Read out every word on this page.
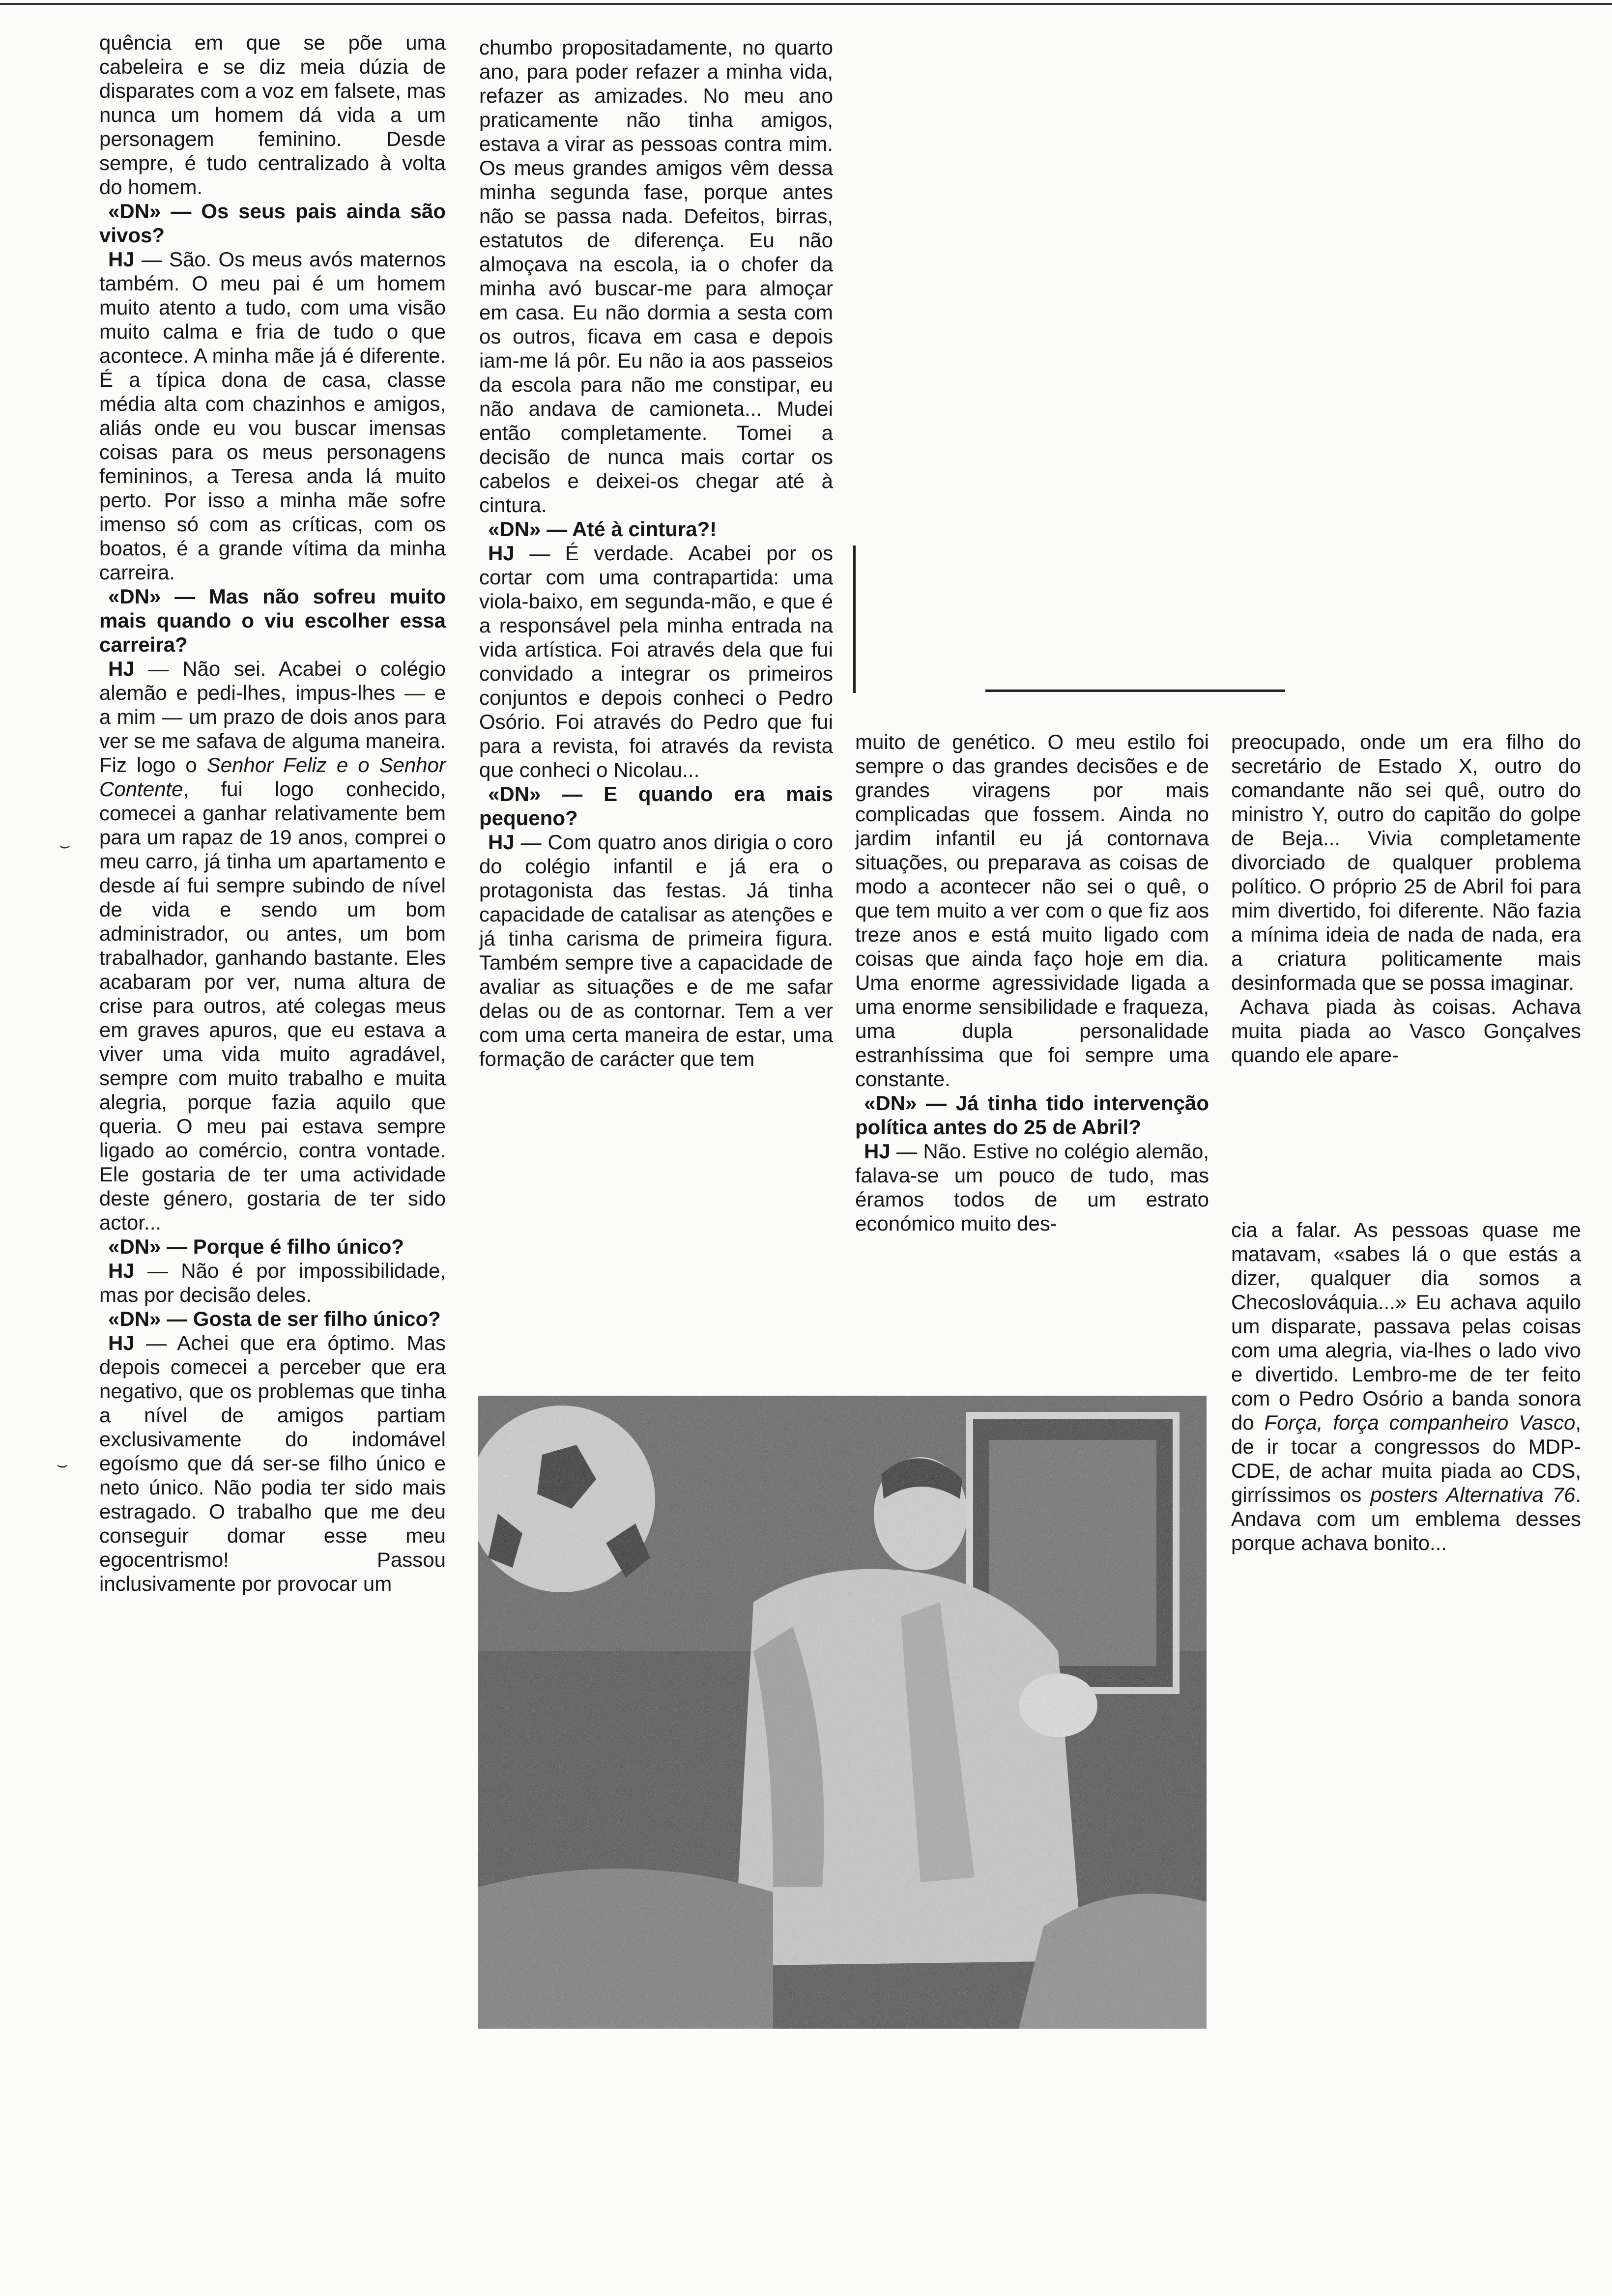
quência em que se põe uma cabeleira e se diz meia dúzia de disparates com a voz em falsete, mas nunca um homem dá vida a um personagem feminino. Desde sempre, é tudo centralizado à volta do homem.

«DN» — Os seus pais ainda são vivos?

HJ — São. Os meus avós maternos também. O meu pai é um homem muito atento a tudo, com uma visão muito calma e fria de tudo o que acontece. A minha mãe já é diferente. É a típica dona de casa, classe média alta com chazinhos e amigos, aliás onde eu vou buscar imensas coisas para os meus personagens femininos, a Teresa anda lá muito perto. Por isso a minha mãe sofre imenso só com as críticas, com os boatos, é a grande vítima da minha carreira.

«DN» — Mas não sofreu muito mais quando o viu escolher essa carreira?

HJ — Não sei. Acabei o colégio alemão e pedi-lhes, impus-lhes — e a mim — um prazo de dois anos para ver se me safava de alguma maneira. Fiz logo o Senhor Feliz e o Senhor Contente, fui logo conhecido, comecei a ganhar relativamente bem para um rapaz de 19 anos, comprei o meu carro, já tinha um apartamento e desde aí fui sempre subindo de nível de vida e sendo um bom administrador, ou antes, um bom trabalhador, ganhando bastante. Eles acabaram por ver, numa altura de crise para outros, até colegas meus em graves apuros, que eu estava a viver uma vida muito agradável, sempre com muito trabalho e muita alegria, porque fazia aquilo que queria. O meu pai estava sempre ligado ao comércio, contra vontade. Ele gostaria de ter uma actividade deste género, gostaria de ter sido actor...

«DN» — Porque é filho único?

HJ — Não é por impossibilidade, mas por decisão deles.

«DN» — Gosta de ser filho único?

HJ — Achei que era óptimo. Mas depois comecei a perceber que era negativo, que os problemas que tinha a nível de amigos partiam exclusivamente do indomável egoísmo que dá ser-se filho único e neto único. Não podia ter sido mais estragado. O trabalho que me deu conseguir domar esse meu egocentrismo! Passou inclusivamente por provocar um

chumbo propositadamente, no quarto ano, para poder refazer a minha vida, refazer as amizades. No meu ano praticamente não tinha amigos, estava a virar as pessoas contra mim. Os meus grandes amigos vêm dessa minha segunda fase, porque antes não se passa nada. Defeitos, birras, estatutos de diferença. Eu não almoçava na escola, ia o chofer da minha avó buscar-me para almoçar em casa. Eu não dormia a sesta com os outros, ficava em casa e depois iam-me lá pôr. Eu não ia aos passeios da escola para não me constipar, eu não andava de camioneta... Mudei então completamente. Tomei a decisão de nunca mais cortar os cabelos e deixei-os chegar até à cintura.

«DN» — Até à cintura?!

HJ — É verdade. Acabei por os cortar com uma contrapartida: uma viola-baixo, em segunda-mão, e que é a responsável pela minha entrada na vida artística. Foi através dela que fui convidado a integrar os primeiros conjuntos e depois conheci o Pedro Osório. Foi através do Pedro que fui para a revista, foi através da revista que conheci o Nicolau...

«DN» — E quando era mais pequeno?

HJ — Com quatro anos dirigia o coro do colégio infantil e já era o protagonista das festas. Já tinha capacidade de catalisar as atenções e já tinha carisma de primeira figura. Também sempre tive a capacidade de avaliar as situações e de me safar delas ou de as contornar. Tem a ver com uma certa maneira de estar, uma formação de carácter que tem

muito de genético. O meu estilo foi sempre o das grandes decisões e de grandes viragens por mais complicadas que fossem. Ainda no jardim infantil eu já contornava situações, ou preparava as coisas de modo a acontecer não sei o quê, o que tem muito a ver com o que fiz aos treze anos e está muito ligado com coisas que ainda faço hoje em dia. Uma enorme agressividade ligada a uma enorme sensibilidade e fraqueza, uma dupla personalidade estranhíssima que foi sempre uma constante.

«DN» — Já tinha tido intervenção política antes do 25 de Abril?

HJ — Não. Estive no colégio alemão, falava-se um pouco de tudo, mas éramos todos de um estrato económico muito des-

preocupado, onde um era filho do secretário de Estado X, outro do comandante não sei quê, outro do ministro Y, outro do capitão do golpe de Beja... Vivia completamente divorciado de qualquer problema político. O próprio 25 de Abril foi para mim divertido, foi diferente. Não fazia a mínima ideia de nada de nada, era a criatura politicamente mais desinformada que se possa imaginar.

Achava piada às coisas. Achava muita piada ao Vasco Gonçalves quando ele apare-

cia a falar. As pessoas quase me matavam, «sabes lá o que estás a dizer, qualquer dia somos a Checoslováquia...» Eu achava aquilo um disparate, passava pelas coisas com uma alegria, via-lhes o lado vivo e divertido. Lembro-me de ter feito com o Pedro Osório a banda sonora do Força, força companheiro Vasco, de ir tocar a congressos do MDP-CDE, de achar muita piada ao CDS, girríssimos os posters Alternativa 76. Andava com um emblema desses porque achava bonito...

⌣
⌣
